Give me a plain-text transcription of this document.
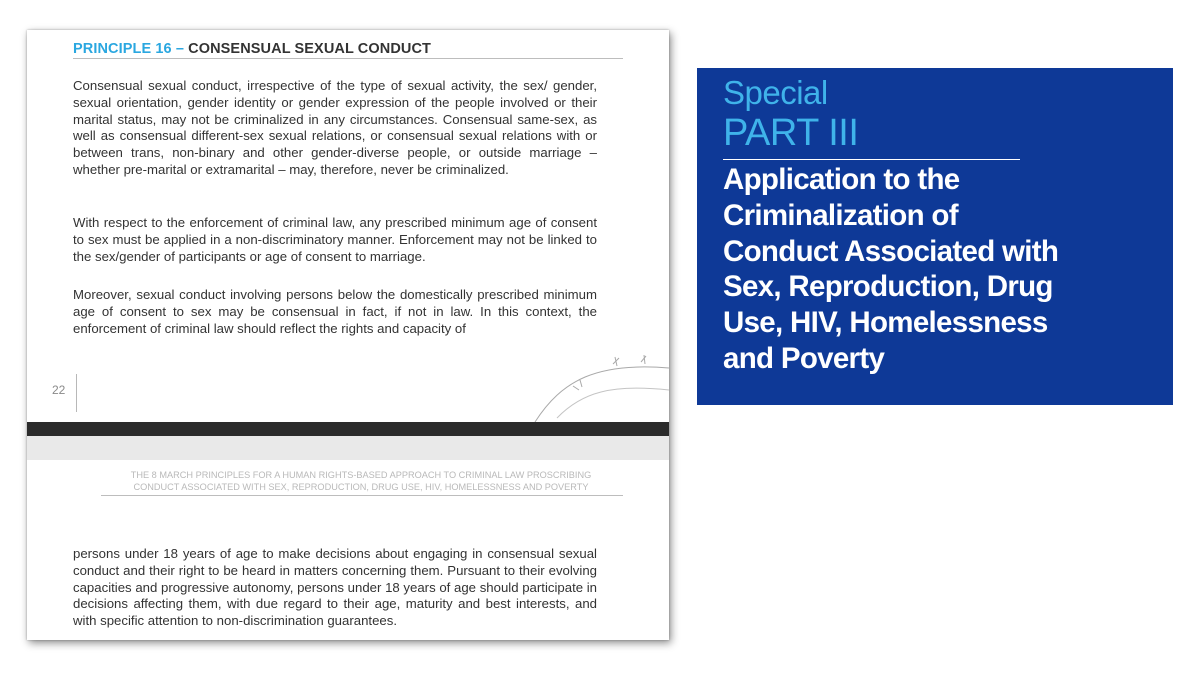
PRINCIPLE 16 – CONSENSUAL SEXUAL CONDUCT

Consensual sexual conduct, irrespective of the type of sexual activity, the sex/ gender, sexual orientation, gender identity or gender expression of the people involved or their marital status, may not be criminalized in any circumstances. Consensual same-sex, as well as consensual different-sex sexual relations, or consensual sexual relations with or between trans, non-binary and other gender-diverse people, or outside marriage – whether pre-marital or extramarital – may, therefore, never be criminalized.

With respect to the enforcement of criminal law, any prescribed minimum age of consent to sex must be applied in a non-discriminatory manner. Enforcement may not be linked to the sex/gender of participants or age of consent to marriage.

Moreover, sexual conduct involving persons below the domestically prescribed minimum age of consent to sex may be consensual in fact, if not in law. In this context, the enforcement of criminal law should reflect the rights and capacity of

22
THE 8 MARCH PRINCIPLES FOR A HUMAN RIGHTS-BASED APPROACH TO CRIMINAL LAW PROSCRIBING
CONDUCT ASSOCIATED WITH SEX, REPRODUCTION, DRUG USE, HIV, HOMELESSNESS AND POVERTY

persons under 18 years of age to make decisions about engaging in consensual sexual conduct and their right to be heard in matters concerning them. Pursuant to their evolving capacities and progressive autonomy, persons under 18 years of age should participate in decisions affecting them, with due regard to their age, maturity and best interests, and with specific attention to non-discrimination guarantees.

Special
PART III
Application to the
Criminalization of
Conduct Associated with
Sex, Reproduction, Drug
Use, HIV, Homelessness
and Poverty
